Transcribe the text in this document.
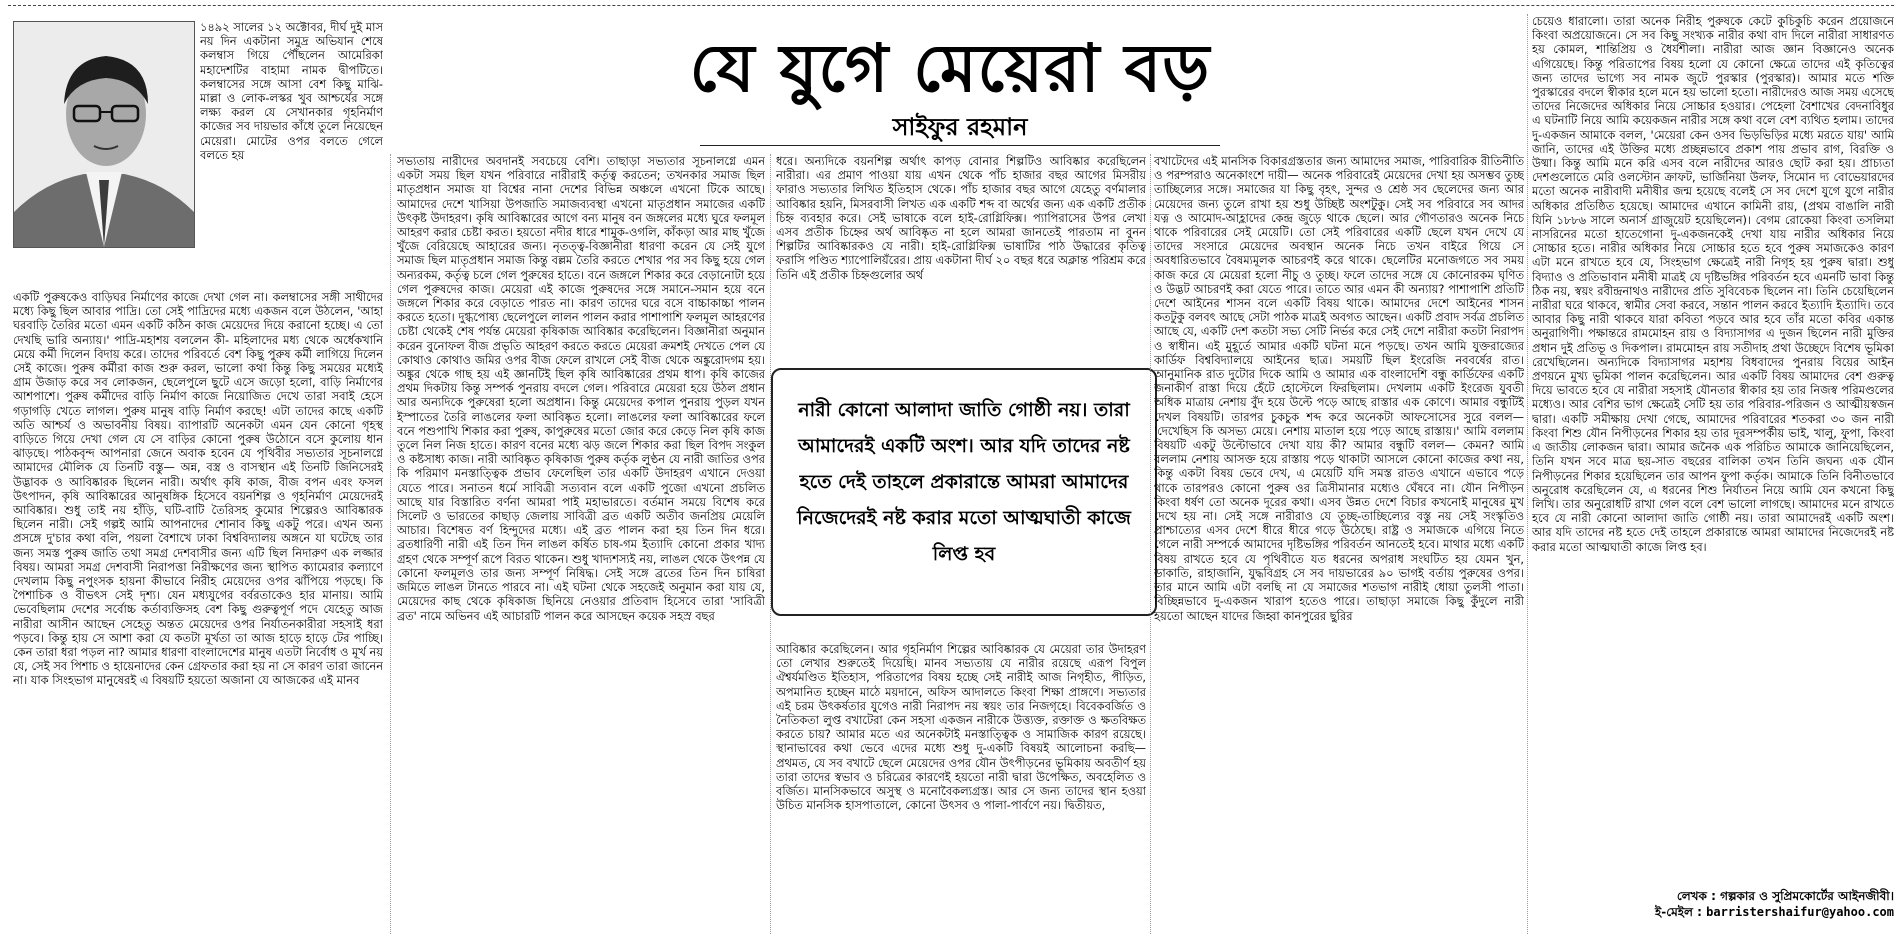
১৪৯২ সালের ১২ অক্টোবর, দীর্ঘ দুই মাস নয় দিন একটানা সমুদ্র অভিযান শেষে কলম্বাস গিয়ে পৌঁছলেন আমেরিকা মহাদেশটির বাহামা নামক দ্বীপটিতে। কলম্বাসের সঙ্গে আসা বেশ কিছু মাঝি-মাল্লা ও লোক-লস্কর খুব আশ্চর্যের সঙ্গে লক্ষ্য করল যে সেখানকার গৃহনির্মাণ কাজের সব দায়ভার কাঁধে তুলে নিয়েছেন মেয়েরা। মোটের ওপর বলতে গেলে বলতে হয়

যে যুগে মেয়েরা বড়
সাইফুর রহমান

একটি পুরুষকেও বাড়িঘর নির্মাণের কাজে দেখা গেল না। কলম্বাসের সঙ্গী সাথীদের মধ্যে কিছু ছিল আবার পাদ্রি। তো সেই পাদ্রিদের মধ্যে একজন বলে উঠলেন, 'আহা ঘরবাড়ি তৈরির মতো এমন একটি কঠিন কাজ মেয়েদের দিয়ে করানো হচ্ছে। এ তো দেখছি ভারি অন্যায়।' পাদ্রি-মহাশয় বললেন কী- মহিলাদের মধ্য থেকে অর্ধেকখানি মেয়ে কর্মী দিলেন বিদায় করে। তাদের পরিবর্তে বেশ কিছু পুরুষ কর্মী লাগিয়ে দিলেন সেই কাজে। পুরুষ কর্মীরা কাজ শুরু করল, ভালো কথা কিন্তু কিছু সময়ের মধ্যেই গ্রাম উজাড় করে সব লোকজন, ছেলেপুলে ছুটে এসে জড়ো হলো, বাড়ি নির্মাণের আশপাশে। পুরুষ কর্মীদের বাড়ি নির্মাণ কাজে নিয়োজিত দেখে তারা সবাই হেসে গড়াগড়ি খেতে লাগল। পুরুষ মানুষ বাড়ি নির্মাণ করছে! এটা তাদের কাছে একটি অতি আশ্চর্য ও অভাবনীয় বিষয়। ব্যাপারটি অনেকটা এমন যেন কোনো গৃহস্থ বাড়িতে গিয়ে দেখা গেল যে সে বাড়ির কোনো পুরুষ উঠোনে বসে কুলোয় ধান ঝাড়ছে। পাঠকবৃন্দ আপনারা জেনে অবাক হবেন যে পৃথিবীর সভ্যতার সূচনালগ্নে আমাদের মৌলিক যে তিনটি বস্তু— অন্ন, বস্ত্র ও বাসস্থান এই তিনটি জিনিসেরই উদ্ভাবক ও আবিষ্কারক ছিলেন নারী। অর্থাৎ কৃষি কাজ, বীজ বপন এবং ফসল উৎপাদন, কৃষি আবিষ্কারের আনুষঙ্গিক হিসেবে বয়নশিল্প ও গৃহনির্মাণ মেয়েদেরই আবিষ্কার। শুধু তাই নয় হাঁড়ি, ঘটি-বাটি তৈরিসহ কুমোর শিল্পেরও আবিষ্কারক ছিলেন নারী। সেই গল্পই আমি আপনাদের শোনাব কিছু একটু পরে। এখন অন্য প্রসঙ্গে দু'চার কথা বলি, পয়লা বৈশাখে ঢাকা বিশ্ববিদ্যালয় অঙ্গনে যা ঘটেছে তার জন্য সমস্ত পুরুষ জাতি তথা সমগ্র দেশবাসীর জন্য এটি ছিল নিদারুণ এক লজ্জার বিষয়। আমরা সমগ্র দেশবাসী নিরাপত্তা নিরীক্ষণের জন্য স্থাপিত ক্যামেরার কল্যাণে দেখলাম কিছু নপুংসক হায়না কীভাবে নিরীহ মেয়েদের ওপর ঝাঁপিয়ে পড়ছে। কি পৈশাচিক ও বীভৎস সেই দৃশ্য। যেন মধ্যযুগের বর্বরতাকেও হার মানায়। আমি ভেবেছিলাম দেশের সর্বোচ্চ কর্তাব্যক্তিসহ বেশ কিছু গুরুত্বপূর্ণ পদে যেহেতু আজ নারীরা আসীন আছেন সেহেতু অন্তত মেয়েদের ওপর নির্যাতনকারীরা সহসাই ধরা পড়বে। কিন্তু হায় সে আশা করা যে কতটা মূর্খতা তা আজ হাড়ে হাড়ে টের পাচ্ছি। কেন তারা ধরা পড়ল না? আমার ধারণা বাংলাদেশের মানুষ এতটা নির্বোধ ও মূর্খ নয় যে, সেই সব পিশাচ ও হায়েনাদের কেন গ্রেফতার করা হয় না সে কারণ তারা জানেন না। যাক সিংহভাগ মানুষেরই এ বিষয়টি হয়তো অজানা যে আজকের এই মানব

সভ্যতায় নারীদের অবদানই সবচেয়ে বেশি। তাছাড়া সভ্যতার সূচনালগ্নে এমন একটা সময় ছিল যখন পরিবারে নারীরাই কর্তৃত্ব করতেন; তখনকার সমাজ ছিল মাতৃপ্রধান সমাজ যা বিশ্বের নানা দেশের বিভিন্ন অঞ্চলে এখনো টিকে আছে। আমাদের দেশে খাসিয়া উপজাতি সমাজব্যবস্থা এখনো মাতৃপ্রধান সমাজের একটি উৎকৃষ্ট উদাহরণ। কৃষি আবিষ্কারের আগে বন্য মানুষ বন জঙ্গলের মধ্যে ঘুরে ফলমূল আহরণ করার চেষ্টা করত। হয়তো নদীর ধারে শামুক-ওগলি, কাঁকড়া আর মাছ খুঁজে খুঁজে বেরিয়েছে আহারের জন্য। নৃতত্ত্ব-বিজ্ঞানীরা ধারণা করেন যে সেই যুগে সমাজ ছিল মাতৃপ্রধান সমাজ কিন্তু বল্লম তৈরি করতে শেখার পর সব কিছু হয়ে গেল অন্যরকম, কর্তৃত্ব চলে গেল পুরুষের হাতে। বনে জঙ্গলে শিকার করে বেড়ানোটা হয়ে গেল পুরুষদের কাজ। মেয়েরা এই কাজে পুরুষদের সঙ্গে সমানে-সমান হয়ে বনে জঙ্গলে শিকার করে বেড়াতে পারত না। কারণ তাদের ঘরে বসে বাচ্চাকাচ্চা পালন করতে হতো। দুগ্ধপোষ্য ছেলেপুলে লালন পালন করার পাশাপাশি ফলমূল আহরণের চেষ্টা থেকেই শেষ পর্যন্ত মেয়েরা কৃষিকাজ আবিষ্কার করেছিলেন। বিজ্ঞানীরা অনুমান করেন বুনোফল বীজ প্রভৃতি আহরণ করতে করতে মেয়েরা ক্রমশই দেখতে পেল যে কোথাও কোথাও জমির ওপর বীজ ফেলে রাখলে সেই বীজ থেকে অঙ্কুরোদগম হয়। অঙ্কুর থেকে গাছ হয় এই জ্ঞানটিই ছিল কৃষি আবিষ্কারের প্রথম ধাপ। কৃষি কাজের প্রথম দিকটায় কিন্তু সম্পর্ক পুনরায় বদলে গেল। পরিবারে মেয়েরা হয়ে উঠল প্রধান আর অন্যদিকে পুরুষেরা হলো অপ্রধান। কিন্তু মেয়েদের কপাল পুনরায় পুড়ল যখন ইস্পাতের তৈরি লাঙলের ফলা আবিষ্কৃত হলো। লাঙলের ফলা আবিষ্কারের ফলে বনে পশুপাখি শিকার করা পুরুষ, কাপুরুষের মতো জোর করে কেড়ে নিল কৃষি কাজ তুলে নিল নিজ হাতে। কারণ বনের মধ্যে ঝড় জলে শিকার করা ছিল বিপদ সংকুল ও কষ্টসাধ্য কাজ। নারী আবিষ্কৃত কৃষিকাজ পুরুষ কর্তৃক লুণ্ঠন যে নারী জাতির ওপর কি পরিমাণ মনস্তাত্ত্বিক প্রভাব ফেলেছিল তার একটি উদাহরণ এখানে দেওয়া যেতে পারে। সনাতন ধর্মে সাবিত্রী সত্যবান বলে একটি পুজো এখনো প্রচলিত আছে যার বিস্তারিত বর্ণনা আমরা পাই মহাভারতে। বর্তমান সময়ে বিশেষ করে সিলেট ও ভারতের কাছাড় জেলায় সাবিত্রী ব্রত একটি অতীব জনপ্রিয় মেয়েলি আচার। বিশেষত বর্ণ হিন্দুদের মধ্যে। এই ব্রত পালন করা হয় তিন দিন ধরে। ব্রতধারিণী নারী এই তিন দিন লাঙল কর্ষিত চাষ-গম ইত্যাদি কোনো প্রকার খাদ্য গ্রহণ থেকে সম্পূর্ণ রূপে বিরত থাকেন। শুধু খাদ্যশস্যই নয়, লাঙল থেকে উৎপন্ন যে কোনো ফলমূলও তার জন্য সম্পূর্ণ নিষিদ্ধ। সেই সঙ্গে ব্রতের তিন দিন চাষিরা জমিতে লাঙল টানতে পারবে না। এই ঘটনা থেকে সহজেই অনুমান করা যায় যে, মেয়েদের কাছ থেকে কৃষিকাজ ছিনিয়ে নেওয়ার প্রতিবাদ হিসেবে তারা 'সাবিত্রী ব্রত' নামে অভিনব এই আচারটি পালন করে আসছেন কয়েক সহস্র বছর

ধরে। অন্যদিকে বয়নশিল্প অর্থাৎ কাপড় বোনার শিল্পটিও আবিষ্কার করেছিলেন নারীরা। এর প্রমাণ পাওয়া যায় এখন থেকে পাঁচ হাজার বছর আগের মিসরীয় ফারাও সভ্যতার লিখিত ইতিহাস থেকে। পাঁচ হাজার বছর আগে যেহেতু বর্ণমালার আবিষ্কার হয়নি, মিসরবাসী লিখত এক একটি শব্দ বা অর্থের জন্য এক একটি প্রতীক চিহ্ন ব্যবহার করে। সেই ভাষাকে বলে হাই-রোগ্লিফিক্স। প্যাপিরাসের উপর লেখা এসব প্রতীক চিহ্নের অর্থ আবিষ্কৃত না হলে আমরা জানতেই পারতাম না বুনন শিল্পটির আবিষ্কারকও যে নারী। হাই-রোগ্লিফিক্স ভাষাটির পাঠ উদ্ধারের কৃতিত্ব ফরাসি পণ্ডিত শ্যাপোলিয়ঁরের। প্রায় একটানা দীর্ঘ ২০ বছর ধরে অক্লান্ত পরিশ্রম করে তিনি এই প্রতীক চিহ্নগুলোর অর্থ

নারী কোনো আলাদা জাতি গোষ্ঠী নয়। তারা আমাদেরই একটি অংশ। আর যদি তাদের নষ্ট হতে দেই তাহলে প্রকারান্তে আমরা আমাদের নিজেদেরই নষ্ট করার মতো আত্মঘাতী কাজে লিপ্ত হব

আবিষ্কার করেছিলেন। আর গৃহনির্মাণ শিল্পের আবিষ্কারক যে মেয়েরা তার উদাহরণ তো লেখার শুরুতেই দিয়েছি। মানব সভ্যতায় যে নারীর রয়েছে এরূপ বিপুল ঐশ্বর্যমণ্ডিত ইতিহাস, পরিতাপের বিষয় হচ্ছে সেই নারীই আজ নিগৃহীত, পীড়িত, অপমানিত হচ্ছেন মাঠে ময়দানে, অফিস আদালতে কিংবা শিক্ষা প্রাঙ্গণে। সভ্যতার এই চরম উৎকর্ষতার যুগেও নারী নিরাপদ নয় স্বয়ং তার নিজগৃহে। বিবেকবর্জিত ও নৈতিকতা লুপ্ত বখাটেরা কেন সহসা একজন নারীকে উত্ত্যক্ত, রক্তাক্ত ও ক্ষতবিক্ষত করতে চায়? আমার মতে এর অনেকটাই মনস্তাত্ত্বিক ও সামাজিক কারণ রয়েছে। স্থানাভাবের কথা ভেবে এদের মধ্যে শুধু দু-একটি বিষয়ই আলোচনা করছি— প্রথমত, যে সব বখাটে ছেলে মেয়েদের ওপর যৌন উৎপীড়নের ভূমিকায় অবতীর্ণ হয় তারা তাদের স্বভাব ও চরিত্রের কারণেই হয়তো নারী দ্বারা উপেক্ষিত, অবহেলিত ও বর্জিত। মানসিকভাবে অসুস্থ ও মনোবৈকল্যগ্রস্ত। আর সে জন্য তাদের স্থান হওয়া উচিত মানসিক হাসপাতালে, কোনো উৎসব ও পালা-পার্বণে নয়। দ্বিতীয়ত,

বখাটেদের এই মানসিক বিকারগ্রস্ততার জন্য আমাদের সমাজ, পারিবারিক রীতিনীতি ও পরম্পরাও অনেকাংশে দায়ী— অনেক পরিবারেই মেয়েদের দেখা হয় অসম্ভব তুচ্ছ তাচ্ছিল্যের সঙ্গে। সমাজের যা কিছু বৃহৎ, সুন্দর ও শ্রেষ্ঠ সব ছেলেদের জন্য আর মেয়েদের জন্য তুলে রাখা হয় শুধু উচ্ছিষ্ট অংশটুকু। সেই সব পরিবারে সব আদর যত্ন ও আমোদ-আহ্লাদের কেন্দ্র জুড়ে থাকে ছেলে। আর গৌণতারও অনেক নিচে থাকে পরিবারের সেই মেয়েটি। তো সেই পরিবারের একটি ছেলে যখন দেখে যে তাদের সংসারে মেয়েদের অবস্থান অনেক নিচে তখন বাইরে গিয়ে সে অবধারিতভাবে বৈষম্যমূলক আচরণই করে থাকে। ছেলেটির মনোজগতে সব সময় কাজ করে যে মেয়েরা হলো নীচু ও তুচ্ছ। ফলে তাদের সঙ্গে যে কোনোরকম ঘৃণিত ও উদ্ভট আচরণই করা যেতে পারে। তাতে আর এমন কী অন্যায়? পাশাপাশি প্রতিটি দেশে আইনের শাসন বলে একটি বিষয় থাকে। আমাদের দেশে আইনের শাসন কতটুকু বলবৎ আছে সেটা পাঠক মাত্রই অবগত আছেন। একটি প্রবাদ সর্বত্র প্রচলিত আছে যে, একটি দেশ কতটা সভ্য সেটি নির্ভর করে সেই দেশে নারীরা কতটা নিরাপদ ও স্বাধীন। এই মুহূর্তে আমার একটি ঘটনা মনে পড়ছে। তখন আমি যুক্তরাজ্যের কার্ডিফ বিশ্ববিদ্যালয়ে আইনের ছাত্র। সময়টি ছিল ইংরেজি নববর্ষের রাত। আনুমানিক রাত দুটোর দিকে আমি ও আমার এক বাংলাদেশি বন্ধু কার্ডিফের একটি জনাকীর্ণ রাস্তা দিয়ে হেঁটে হোস্টেলে ফিরছিলাম। দেখলাম একটি ইংরেজ যুবতী অধিক মাত্রায় নেশায় বুঁদ হয়ে উল্টে পড়ে আছে রাস্তার এক কোণে। আমার বন্ধুটিই দেখল বিষয়টি। তারপর চুকচুক শব্দ করে অনেকটা আফসোসের সুরে বলল— 'দেখেছিস কি অসভ্য মেয়ে। নেশায় মাতাল হয়ে পড়ে আছে রাস্তায়।' আমি বললাম বিষয়টি একটু উল্টোভাবে দেখা যায় কী? আমার বন্ধুটি বলল— কেমন? আমি বললাম নেশায় আসক্ত হয়ে রাস্তায় পড়ে থাকাটা আসলে কোনো কাজের কথা নয়, কিন্তু একটা বিষয় ভেবে দেখ, এ মেয়েটি যদি সমস্ত রাতও এখানে এভাবে পড়ে থাকে তারপরও কোনো পুরুষ ওর ত্রিসীমানার মধ্যেও ঘেঁষবে না। যৌন নিপীড়ন কিংবা ধর্ষণ তো অনেক দূরের কথা। এসব উন্নত দেশে বিচার কখনোই মানুষের মুখ দেখে হয় না। সেই সঙ্গে নারীরাও যে তুচ্ছ-তাচ্ছিল্যের বস্তু নয় সেই সংস্কৃতিও প্রাশ্চাত্যের এসব দেশে ধীরে ধীরে গড়ে উঠেছে। রাষ্ট্র ও সমাজকে এগিয়ে নিতে গেলে নারী সম্পর্কে আমাদের দৃষ্টিভঙ্গির পরিবর্তন আনতেই হবে। মাথার মধ্যে একটি বিষয় রাখতে হবে যে পৃথিবীতে যত ধরনের অপরাধ সংঘটিত হয় যেমন খুন, ডাকাতি, রাহাজানি, যুদ্ধবিগ্রহ সে সব দায়ভারের ৯০ ভাগই বর্তায় পুরুষের ওপর। তার মানে আমি এটা বলছি না যে সমাজের শতভাগ নারীই ধোয়া তুলসী পাতা। বিচ্ছিন্নভাবে দু-একজন খারাপ হতেও পারে। তাছাড়া সমাজে কিছু কুঁদুলে নারী হয়তো আছেন যাদের জিহ্বা কানপুরের ছুরির

চেয়েও ধারালো। তারা অনেক নিরীহ পুরুষকে কেটে কুচিকুচি করেন প্রয়োজনে কিংবা অপ্রয়োজনে। সে সব কিছু সংখ্যক নারীর কথা বাদ দিলে নারীরা সাধারণত হয় কোমল, শান্তিপ্রিয় ও ধৈর্যশীলা। নারীরা আজ জ্ঞান বিজ্ঞানেও অনেক এগিয়েছে। কিন্তু পরিতাপের বিষয় হলো যে কোনো ক্ষেত্রে তাদের এই কৃতিত্বের জন্য তাদের ভাগ্যে সব নামক জুটে পুরস্কার (পুরস্কার)। আমার মতে শক্তি পুরস্কারের বদলে স্বীকার হলে মনে হয় ভালো হতো। নারীদেরও আজ সময় এসেছে তাদের নিজেদের অধিকার নিয়ে সোচ্চার হওয়ার। পেহেলা বৈশাখের বেদনাবিধুর এ ঘটনাটি নিয়ে আমি কয়েকজন নারীর সঙ্গে কথা বলে বেশ ব্যথিত হলাম। তাদের দু-একজন আমাকে বলল, 'মেয়েরা কেন ওসব ভিড়ভিড়ির মধ্যে মরতে যায়' আমি জানি, তাদের এই উক্তির মধ্যে প্রচ্ছন্নভাবে প্রকাশ পায় প্রভাব রাগ, বিরক্তি ও উষ্মা। কিন্তু আমি মনে করি এসব বলে নারীদের আরও ছোট করা হয়। প্রাচ্যতা দেশগুলোতে মেরি ওলস্টোন ক্রাফট, ভার্জিনিয়া উলফ, সিমোন দ্য বোভেয়ারদের মতো অনেক নারীবাদী মনীষীর জন্ম হয়েছে বলেই সে সব দেশে যুগে যুগে নারীর অধিকার প্রতিষ্ঠিত হয়েছে। আমাদের এখানে কামিনী রায়, (প্রথম বাঙালি নারী যিনি ১৮৮৬ সালে অনার্স গ্রাজুয়েট হয়েছিলেন)। বেগম রোকেয়া কিংবা তসলিমা নাসরিনের মতো হাতেগোনা দু-একজনকেই দেখা যায় নারীর অধিকার নিয়ে সোচ্চার হতে। নারীর অধিকার নিয়ে সোচ্চার হতে হবে পুরুষ সমাজকেও কারণ এটা মনে রাখতে হবে যে, সিংহভাগ ক্ষেত্রেই নারী নিগৃহ হয় পুরুষ দ্বারা। শুধু বিদ্যাও ও প্রতিভাবান মনীষী মাত্রই যে দৃষ্টিভঙ্গির পরিবর্তন হবে এমনটি ভাবা কিন্তু ঠিক নয়, স্বয়ং রবীন্দ্রনাথও নারীদের প্রতি সুবিবেচক ছিলেন না। তিনি চেয়েছিলেন নারীরা ঘরে থাকবে, স্বামীর সেবা করবে, সন্তান পালন করবে ইত্যাদি ইত্যাদি। তবে আবার কিছু নারী থাকবে যারা কবিতা পড়বে আর হবে তাঁর মতো কবির একান্ত অনুরাগিণী। পক্ষান্তরে রামমোহন রায় ও বিদ্যাসাগর এ দুজন ছিলেন নারী মুক্তির প্রধান দুই প্রতিভূ ও দিকপাল। রামমোহন রায় সতীদাহ প্রথা উচ্ছেদে বিশেষ ভূমিকা রেখেছিলেন। অন্যদিকে বিদ্যাসাগর মহাশয় বিধবাদের পুনরায় বিয়ের আইন প্রণয়নে মুখ্য ভূমিকা পালন করেছিলেন। আর একটি বিষয় আমাদের বেশ গুরুত্ব দিয়ে ভাবতে হবে যে নারীরা সহসাই যৌনতার স্বীকার হয় তার নিজস্ব পরিমণ্ডলের মধ্যেও। আর বেশির ভাগ ক্ষেত্রেই সেটি হয় তার পরিবার-পরিজন ও আত্মীয়স্বজন দ্বারা। একটি সমীক্ষায় দেখা গেছে, আমাদের পরিবারের শতকরা ৩০ জন নারী কিংবা শিশু যৌন নিপীড়নের শিকার হয় তার দূরসম্পর্কীয় ভাই, খালু, ফুপা, কিংবা এ জাতীয় লোকজন দ্বারা। আমার জনৈক এক পরিচিত আমাকে জানিয়েছিলেন, তিনি যখন সবে মাত্র ছয়-সাত বছরের বালিকা তখন তিনি জঘন্য এক যৌন নিপীড়নের শিকার হয়েছিলেন তার আপন ফুপা কর্তৃক। আমাকে তিনি বিনীতভাবে অনুরোধ করেছিলেন যে, এ ধরনের শিশু নির্যাতন নিয়ে আমি যেন কখনো কিছু লিখি। তার অনুরোধটি রাখা গেল বলে বেশ ভালো লাগছে। আমাদের মনে রাখতে হবে যে নারী কোনো আলাদা জাতি গোষ্ঠী নয়। তারা আমাদেরই একটি অংশ। আর যদি তাদের নষ্ট হতে দেই তাহলে প্রকারান্তে আমরা আমাদের নিজেদেরই নষ্ট করার মতো আত্মঘাতী কাজে লিপ্ত হব।

লেখক : গল্পকার ও সুপ্রিমকোর্টের আইনজীবী।
ই-মেইল : barristershaifur@yahoo.com
